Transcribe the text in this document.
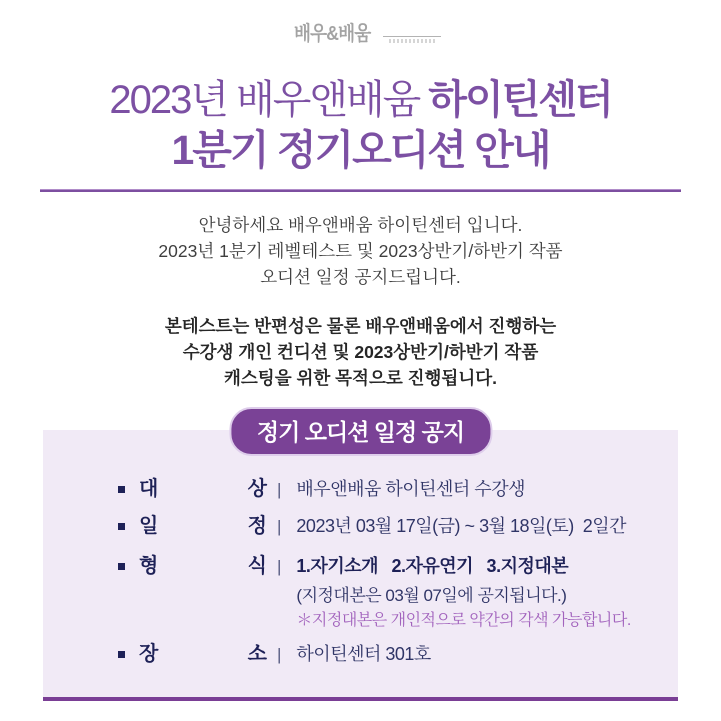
배우&배움
2023년 배우앤배움 하이틴센터
1분기 정기오디션 안내
안녕하세요 배우앤배움 하이틴센터 입니다.
2023년 1분기 레벨테스트 및 2023상반기/하반기 작품
오디션 일정 공지드립니다.
본테스트는 반편성은 물론 배우앤배움에서 진행하는
수강생 개인 컨디션 및 2023상반기/하반기 작품
캐스팅을 위한 목적으로 진행됩니다.
정기 오디션 일정 공지
대	상 | 배우앤배움 하이틴센터 수강생
일	정 | 2023년 03월 17일(금) ~ 3월 18일(토)  2일간
형	식 | 1.자기소개   2.자유연기   3.지정대본
(지정대본은 03월 07일에 공지됩니다.)
＊지정대본은 개인적으로 약간의 각색 가능합니다.
장	소 | 하이틴센터 301호
